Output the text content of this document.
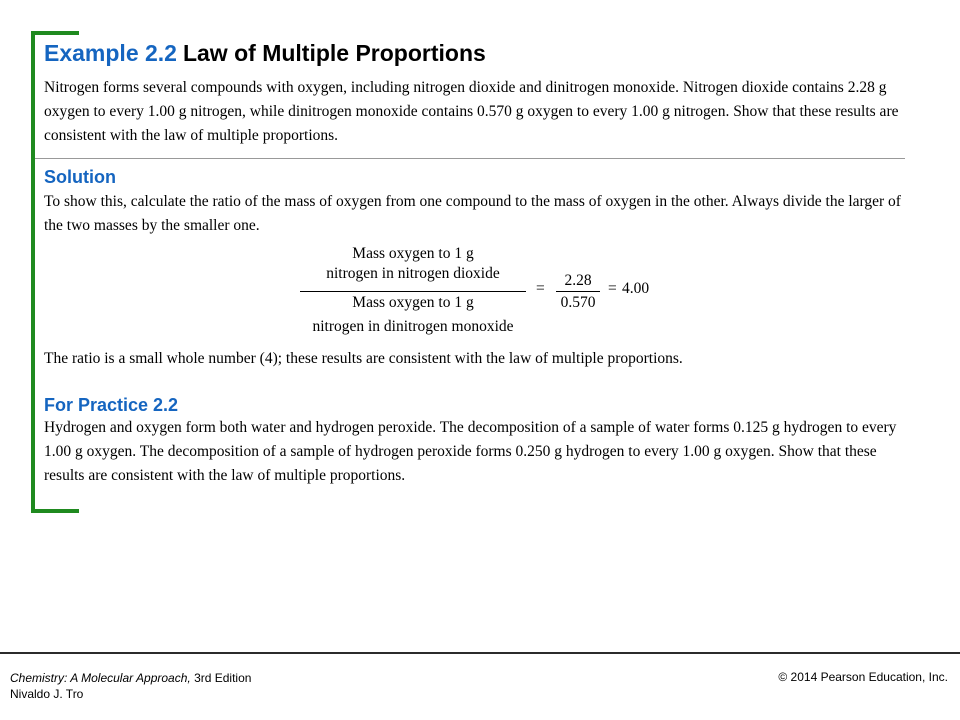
Example 2.2 Law of Multiple Proportions
Nitrogen forms several compounds with oxygen, including nitrogen dioxide and dinitrogen monoxide. Nitrogen dioxide contains 2.28 g oxygen to every 1.00 g nitrogen, while dinitrogen monoxide contains 0.570 g oxygen to every 1.00 g nitrogen. Show that these results are consistent with the law of multiple proportions.
Solution
To show this, calculate the ratio of the mass of oxygen from one compound to the mass of oxygen in the other. Always divide the larger of the two masses by the smaller one.
Mass oxygen to 1 g
nitrogen in nitrogen dioxide
Mass oxygen to 1 g
nitrogen in dinitrogen monoxide
=	2.28
0.570
= 4.00
The ratio is a small whole number (4); these results are consistent with the law of multiple proportions.
For Practice 2.2
Hydrogen and oxygen form both water and hydrogen peroxide. The decomposition of a sample of water forms 0.125 g hydrogen to every 1.00 g oxygen. The decomposition of a sample of hydrogen peroxide forms 0.250 g hydrogen to every 1.00 g oxygen. Show that these results are consistent with the law of multiple proportions.
Chemistry: A Molecular Approach, 3rd Edition
Nivaldo J. Tro
© 2014 Pearson Education, Inc.
